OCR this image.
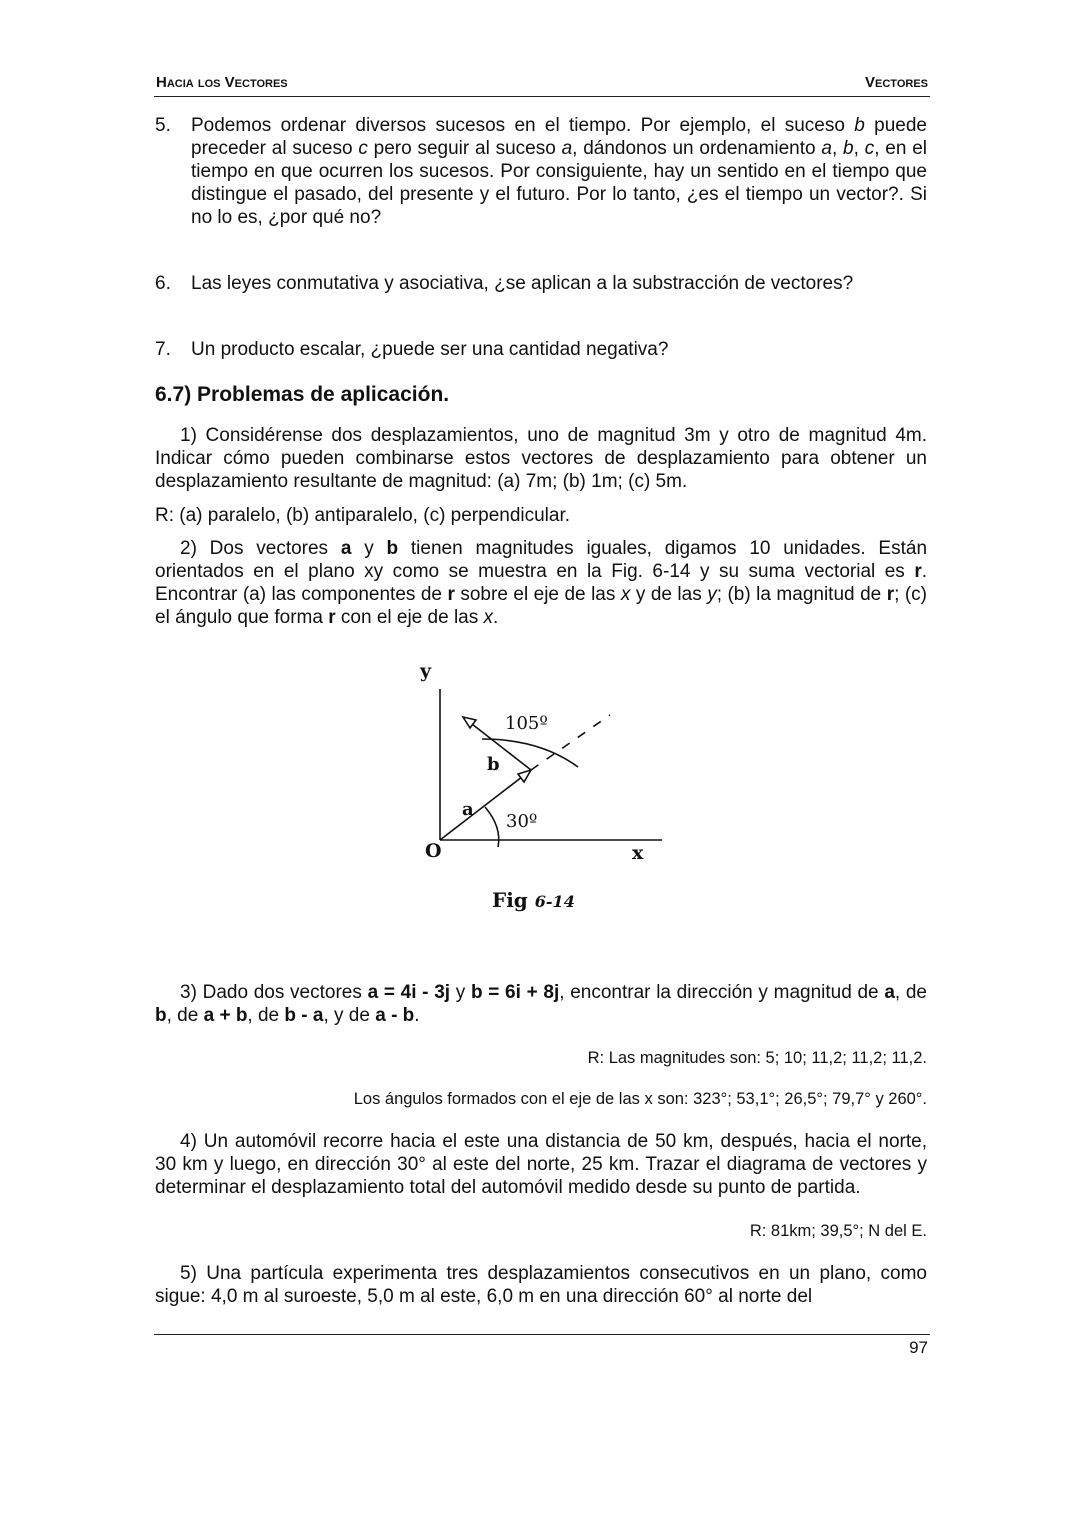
Hacia los Vectores	Vectores
5.	Podemos ordenar diversos sucesos en el tiempo. Por ejemplo, el suceso b puede preceder al suceso c pero seguir al suceso a, dándonos un ordenamiento a, b, c, en el tiempo en que ocurren los sucesos. Por consiguiente, hay un sentido en el tiempo que distingue el pasado, del presente y el futuro. Por lo tanto, ¿es el tiempo un vector?. Si no lo es, ¿por qué no?
6.	Las leyes conmutativa y asociativa, ¿se aplican a la substracción de vectores?
7.	Un producto escalar, ¿puede ser una cantidad negativa?
6.7) Problemas de aplicación.

1) Considérense dos desplazamientos, uno de magnitud 3m y otro de magnitud 4m. Indicar cómo pueden combinarse estos vectores de desplazamiento para obtener un desplazamiento resultante de magnitud: (a) 7m; (b) 1m; (c) 5m.

R: (a) paralelo, (b) antiparalelo, (c) perpendicular.

2) Dos vectores a y b tienen magnitudes iguales, digamos 10 unidades. Están orientados en el plano xy como se muestra en la Fig. 6-14 y su suma vectorial es r. Encontrar (a) las componentes de r sobre el eje de las x y de las y; (b) la magnitud de r; (c) el ángulo que forma r con el eje de las x.

y
x
O
a
b
30º
105º
Fig 6-14

3) Dado dos vectores a = 4i - 3j y b = 6i + 8j, encontrar la dirección y magnitud de a, de b, de a + b, de b - a, y de a - b.

R: Las magnitudes son: 5; 10; 11,2; 11,2; 11,2.

Los ángulos formados con el eje de las x son: 323°; 53,1°; 26,5°; 79,7° y 260°.

4) Un automóvil recorre hacia el este una distancia de 50 km, después, hacia el norte, 30 km y luego, en dirección 30° al este del norte, 25 km. Trazar el diagrama de vectores y determinar el desplazamiento total del automóvil medido desde su punto de partida.

R: 81km; 39,5°; N del E.

5) Una partícula experimenta tres desplazamientos consecutivos en un plano, como sigue: 4,0 m al suroeste, 5,0 m al este, 6,0 m en una dirección 60° al norte del

97
